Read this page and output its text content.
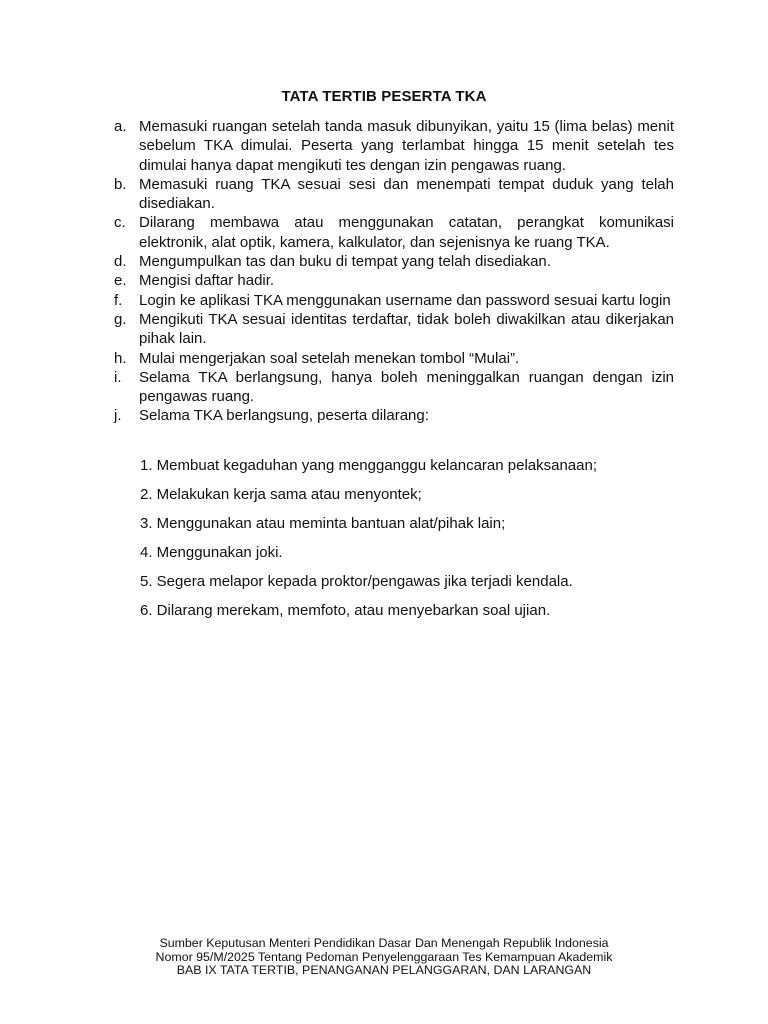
TATA TERTIB PESERTA TKA
a. Memasuki ruangan setelah tanda masuk dibunyikan, yaitu 15 (lima belas) menit sebelum TKA dimulai. Peserta yang terlambat hingga 15 menit setelah tes dimulai hanya dapat mengikuti tes dengan izin pengawas ruang.
b. Memasuki ruang TKA sesuai sesi dan menempati tempat duduk yang telah disediakan.
c. Dilarang membawa atau menggunakan catatan, perangkat komunikasi elektronik, alat optik, kamera, kalkulator, dan sejenisnya ke ruang TKA.
d. Mengumpulkan tas dan buku di tempat yang telah disediakan.
e. Mengisi daftar hadir.
f. Login ke aplikasi TKA menggunakan username dan password sesuai kartu login
g. Mengikuti TKA sesuai identitas terdaftar, tidak boleh diwakilkan atau dikerjakan pihak lain.
h. Mulai mengerjakan soal setelah menekan tombol “Mulai”.
i. Selama TKA berlangsung, hanya boleh meninggalkan ruangan dengan izin pengawas ruang.
j. Selama TKA berlangsung, peserta dilarang:
1. Membuat kegaduhan yang mengganggu kelancaran pelaksanaan;
2. Melakukan kerja sama atau menyontek;
3. Menggunakan atau meminta bantuan alat/pihak lain;
4. Menggunakan joki.
5. Segera melapor kepada proktor/pengawas jika terjadi kendala.
6. Dilarang merekam, memfoto, atau menyebarkan soal ujian.
Sumber Keputusan Menteri Pendidikan Dasar Dan Menengah Republik Indonesia
Nomor 95/M/2025 Tentang Pedoman Penyelenggaraan Tes Kemampuan Akademik
BAB IX TATA TERTIB, PENANGANAN PELANGGARAN, DAN LARANGAN
